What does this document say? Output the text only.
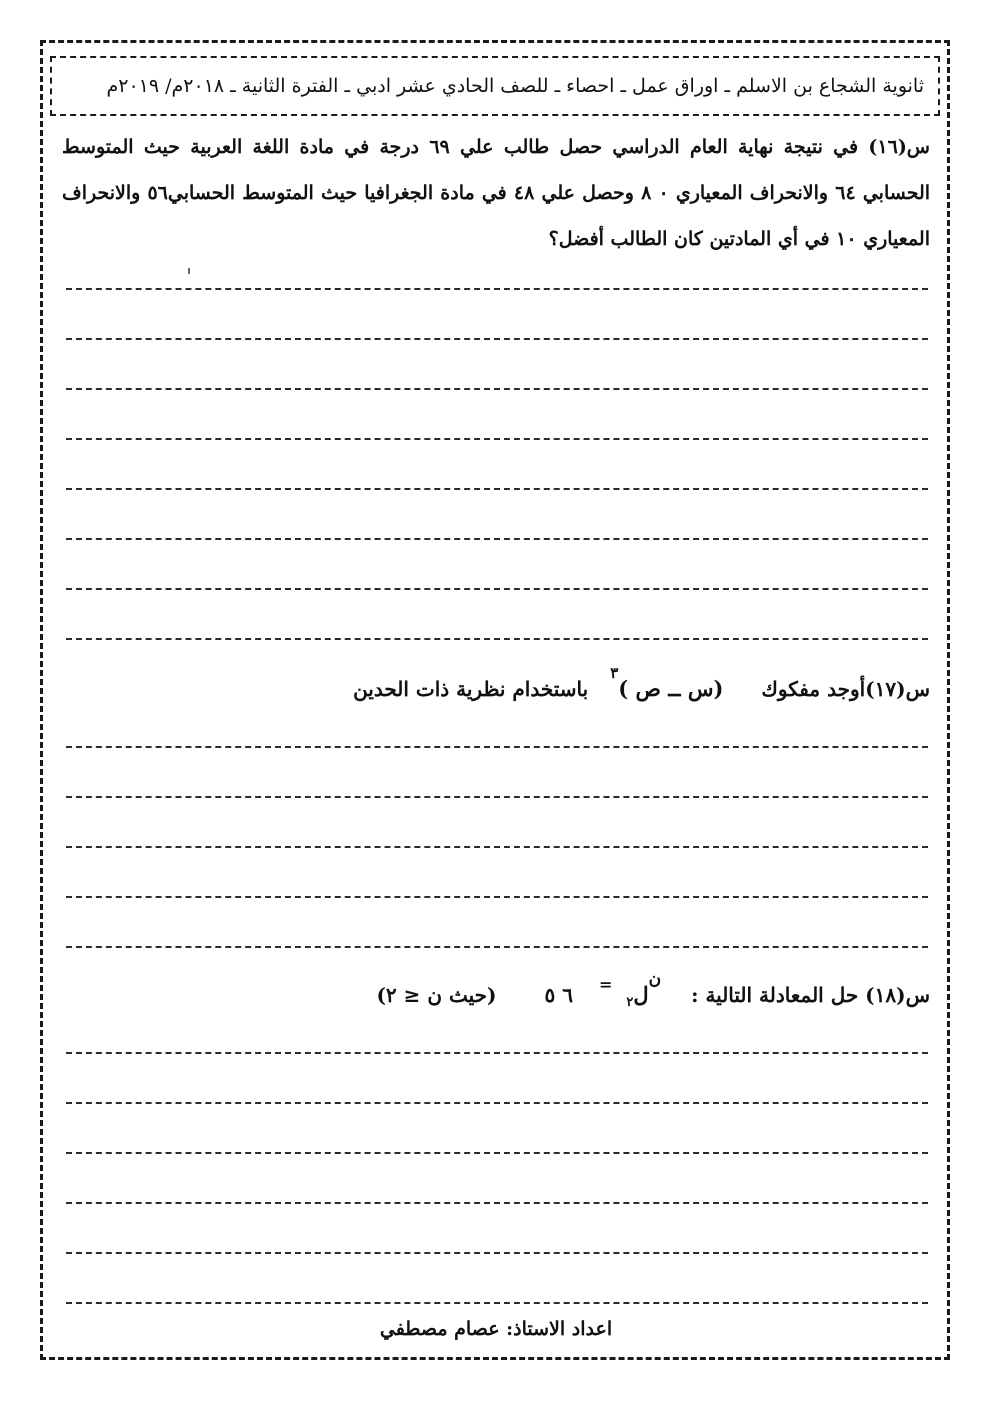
ثانوية الشجاع بن الاسلم ـ اوراق عمل ـ احصاء ـ للصف الحادي عشر ادبي ـ الفترة الثانية ـ ٢٠١٨م/ ٢٠١٩م
س(١٦) في نتيجة نهاية العام الدراسي حصل طالب علي ٦٩ درجة في مادة اللغة العربية حيث المتوسط الحسابي ٦٤ والانحراف المعياري ٠ ٨ وحصل علي ٤٨ في مادة الجغرافيا حيث المتوسط الحسابي٥٦ والانحراف المعياري ١٠ في أي المادتين كان الطالب أفضل؟
س(١٧)أوجد مفكوك
(س ــ ص )
٣
باستخدام نظرية ذات الحدين
س(١٨) حل المعادلة التالية :
ن
ل
٢
=
٦ ٥
(حيث ن ≤ ٢)
اعداد الاستاذ: عصام مصطفي
